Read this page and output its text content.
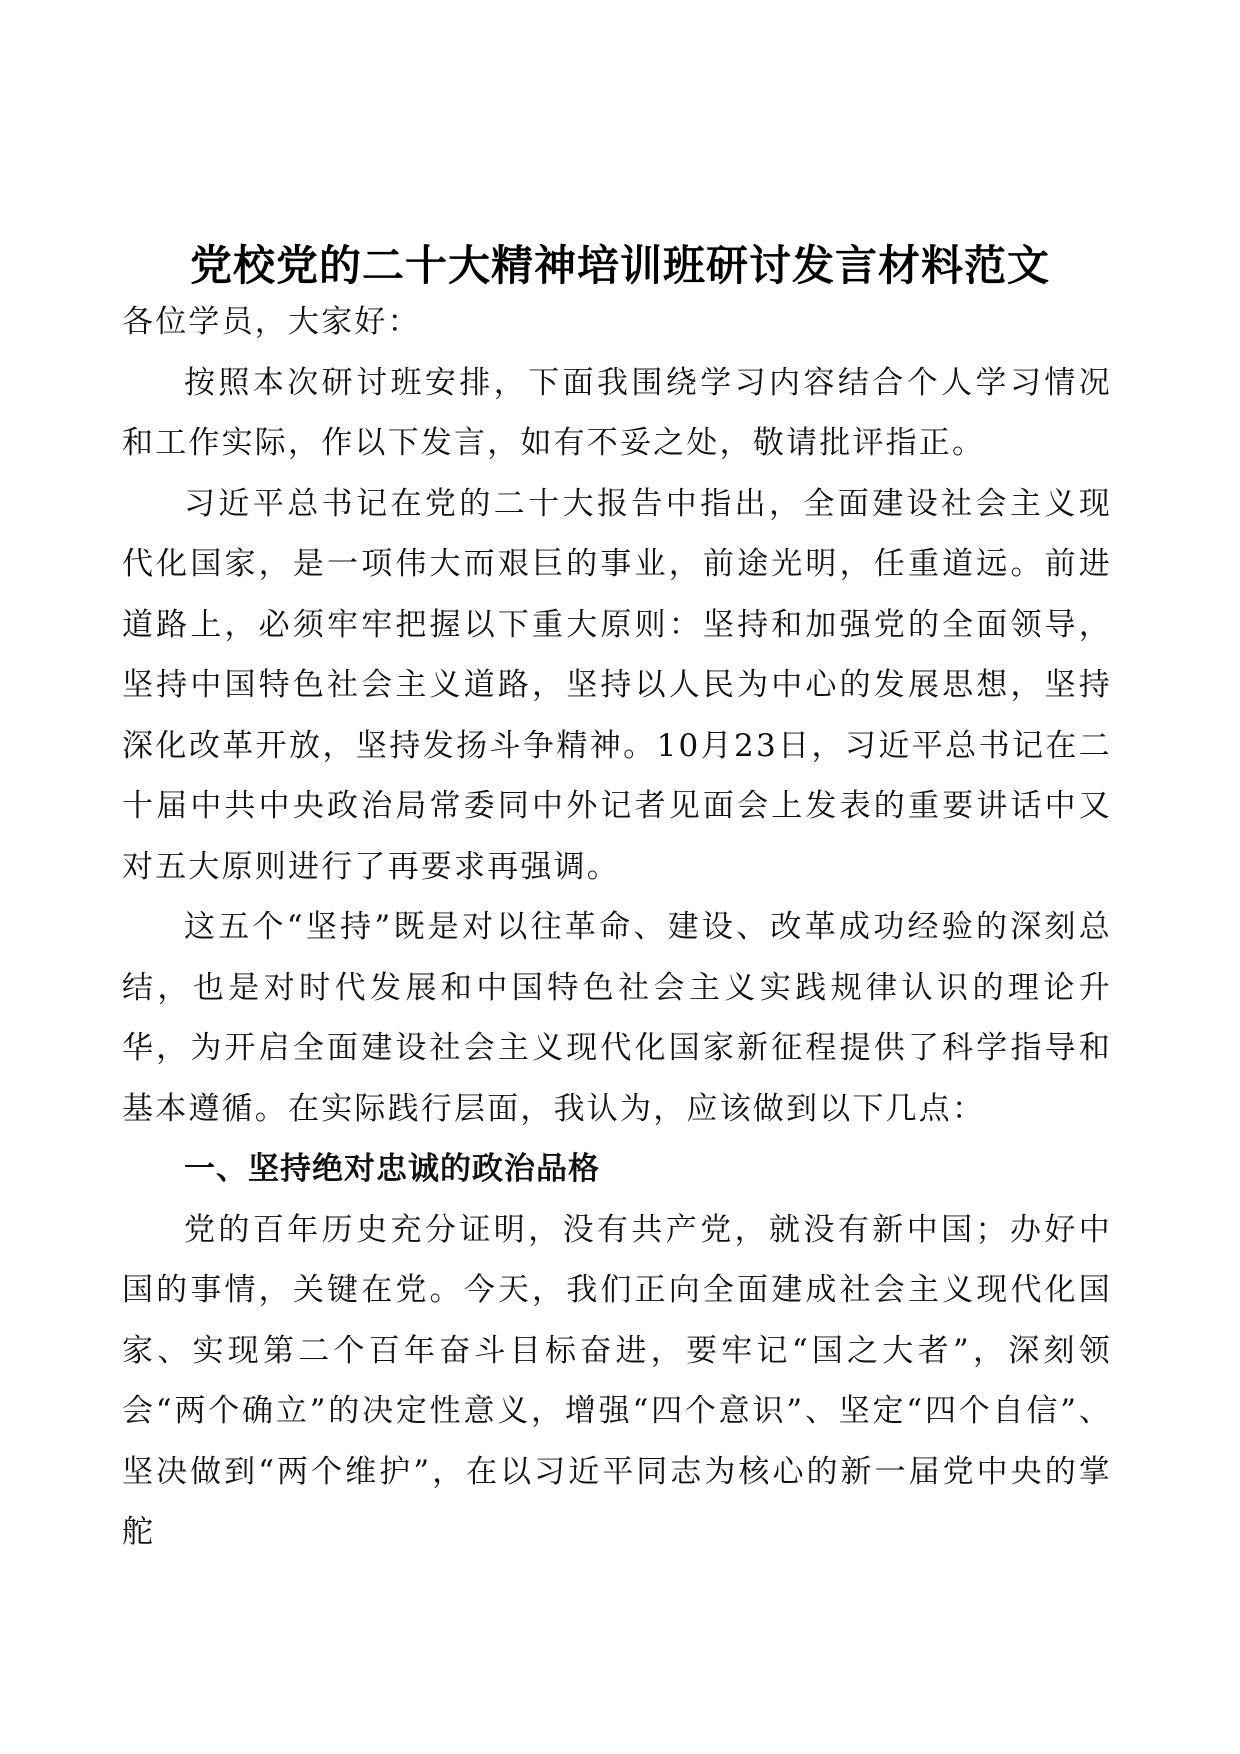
党校党的二十大精神培训班研讨发言材料范文

各位学员，大家好：

按照本次研讨班安排，下面我围绕学习内容结合个人学习情况和工作实际，作以下发言，如有不妥之处，敬请批评指正。

习近平总书记在党的二十大报告中指出，全面建设社会主义现代化国家，是一项伟大而艰巨的事业，前途光明，任重道远。前进道路上，必须牢牢把握以下重大原则：坚持和加强党的全面领导，坚持中国特色社会主义道路，坚持以人民为中心的发展思想，坚持深化改革开放，坚持发扬斗争精神。10月23日，习近平总书记在二十届中共中央政治局常委同中外记者见面会上发表的重要讲话中又对五大原则进行了再要求再强调。

这五个“坚持”既是对以往革命、建设、改革成功经验的深刻总结，也是对时代发展和中国特色社会主义实践规律认识的理论升华，为开启全面建设社会主义现代化国家新征程提供了科学指导和基本遵循。在实际践行层面，我认为，应该做到以下几点：

一、坚持绝对忠诚的政治品格

党的百年历史充分证明，没有共产党，就没有新中国；办好中国的事情，关键在党。今天，我们正向全面建成社会主义现代化国家、实现第二个百年奋斗目标奋进，要牢记“国之大者”，深刻领会“两个确立”的决定性意义，增强“四个意识”、坚定“四个自信”、坚决做到“两个维护”，在以习近平同志为核心的新一届党中央的掌舵
